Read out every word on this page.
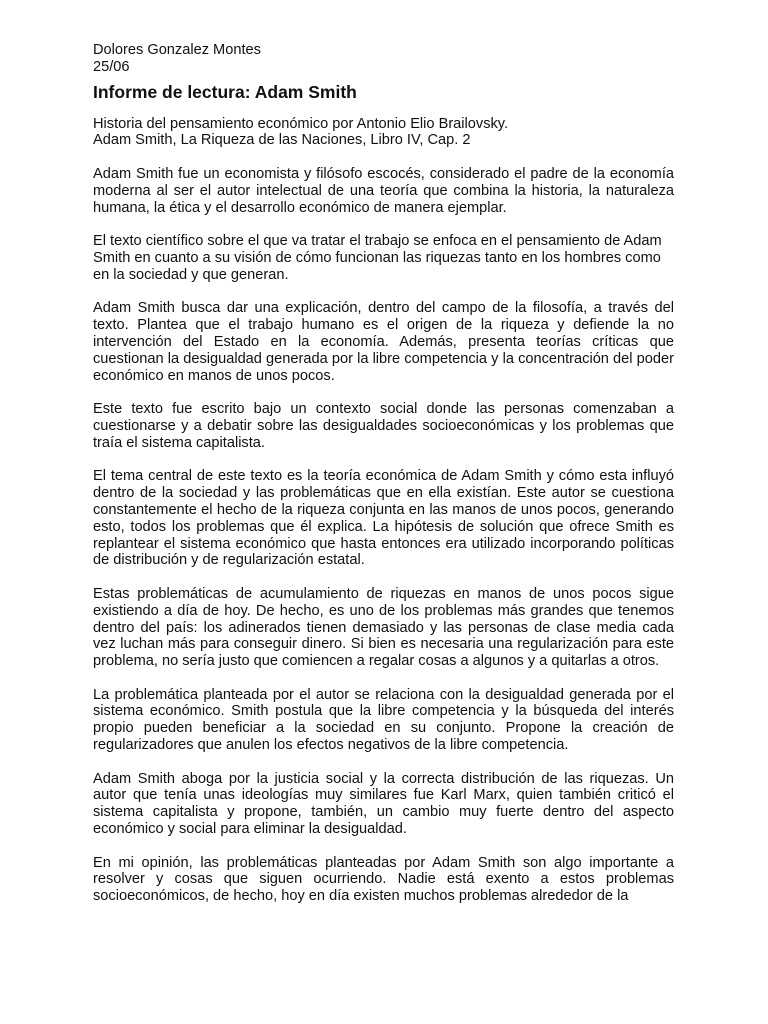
Dolores Gonzalez Montes

25/06

Informe de lectura: Adam Smith

Historia del pensamiento económico por Antonio Elio Brailovsky.

Adam Smith, La Riqueza de las Naciones, Libro IV, Cap. 2

Adam Smith fue un economista y filósofo escocés, considerado el padre de la economía moderna al ser el autor intelectual de una teoría que combina la historia, la naturaleza humana, la ética y el desarrollo económico de manera ejemplar.

El texto científico sobre el que va tratar el trabajo se enfoca en el pensamiento de Adam Smith en cuanto a su visión de cómo funcionan las riquezas tanto en los hombres como en la sociedad y que generan.

Adam Smith busca dar una explicación, dentro del campo de la filosofía, a través del texto. Plantea que el trabajo humano es el origen de la riqueza y defiende la no intervención del Estado en la economía. Además, presenta teorías críticas que cuestionan la desigualdad generada por la libre competencia y la concentración del poder económico en manos de unos pocos.

Este texto fue escrito bajo un contexto social donde las personas comenzaban a cuestionarse y a debatir sobre las desigualdades socioeconómicas y los problemas que traía el sistema capitalista.

El tema central de este texto es la teoría económica de Adam Smith y cómo esta influyó dentro de la sociedad y las problemáticas que en ella existían. Este autor se cuestiona constantemente el hecho de la riqueza conjunta en las manos de unos pocos, generando esto, todos los problemas que él explica. La hipótesis de solución que ofrece Smith es replantear el sistema económico que hasta entonces era utilizado incorporando políticas de distribución y de regularización estatal.

Estas problemáticas de acumulamiento de riquezas en manos de unos pocos sigue existiendo a día de hoy. De hecho, es uno de los problemas más grandes que tenemos dentro del país: los adinerados tienen demasiado y las personas de clase media cada vez luchan más para conseguir dinero. Si bien es necesaria una regularización para este problema, no sería justo que comiencen a regalar cosas a algunos y a quitarlas a otros.

La problemática planteada por el autor se relaciona con la desigualdad generada por el sistema económico. Smith postula que la libre competencia y la búsqueda del interés propio pueden beneficiar a la sociedad en su conjunto. Propone la creación de regularizadores que anulen los efectos negativos de la libre competencia.

Adam Smith aboga por la justicia social y la correcta distribución de las riquezas. Un autor que tenía unas ideologías muy similares fue Karl Marx, quien también criticó el sistema capitalista y propone, también, un cambio muy fuerte dentro del aspecto económico y social para eliminar la desigualdad.

En mi opinión, las problemáticas planteadas por Adam Smith son algo importante a resolver y cosas que siguen ocurriendo. Nadie está exento a estos problemas socioeconómicos, de hecho, hoy en día existen muchos problemas alrededor de la
